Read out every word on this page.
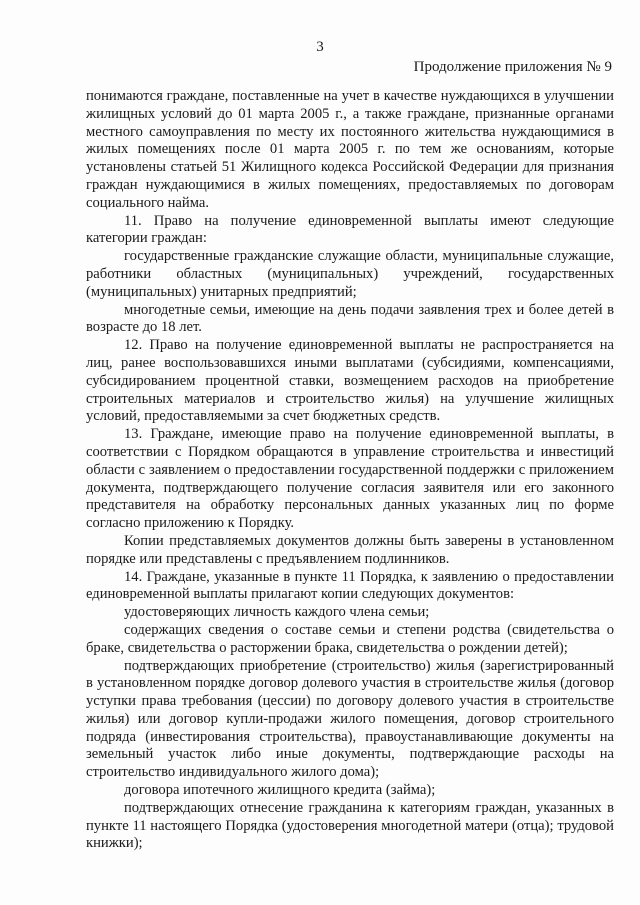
3
Продолжение приложения № 9

понимаются граждане, поставленные на учет в качестве нуждающихся в улучшении жилищных условий до 01 марта 2005 г., а также граждане, признанные органами местного самоуправления по месту их постоянного жительства нуждающимися в жилых помещениях после 01 марта 2005 г. по тем же основаниям, которые установлены статьей 51 Жилищного кодекса Российской Федерации для признания граждан нуждающимися в жилых помещениях, предоставляемых по договорам социального найма.

11. Право на получение единовременной выплаты имеют следующие категории граждан:

государственные гражданские служащие области, муниципальные служащие, работники областных (муниципальных) учреждений, государственных (муниципальных) унитарных предприятий;

многодетные семьи, имеющие на день подачи заявления трех и более детей в возрасте до 18 лет.

12. Право на получение единовременной выплаты не распространяется на лиц, ранее воспользовавшихся иными выплатами (субсидиями, компенсациями, субсидированием процентной ставки, возмещением расходов на приобретение строительных материалов и строительство жилья) на улучшение жилищных условий, предоставляемыми за счет бюджетных средств.

13. Граждане, имеющие право на получение единовременной выплаты, в соответствии с Порядком обращаются в управление строительства и инвестиций области с заявлением о предоставлении государственной поддержки с приложением документа, подтверждающего получение согласия заявителя или его законного представителя на обработку персональных данных указанных лиц по форме согласно приложению к Порядку.

Копии представляемых документов должны быть заверены в установленном порядке или представлены с предъявлением подлинников.

14. Граждане, указанные в пункте 11 Порядка, к заявлению о предоставлении единовременной выплаты прилагают копии следующих документов:

удостоверяющих личность каждого члена семьи;

содержащих сведения о составе семьи и степени родства (свидетельства о браке, свидетельства о расторжении брака, свидетельства о рождении детей);

подтверждающих приобретение (строительство) жилья (зарегистрированный в установленном порядке договор долевого участия в строительстве жилья (договор уступки права требования (цессии) по договору долевого участия в строительстве жилья) или договор купли-продажи жилого помещения, договор строительного подряда (инвестирования строительства), правоустанавливающие документы на земельный участок либо иные документы, подтверждающие расходы на строительство индивидуального жилого дома);

договора ипотечного жилищного кредита (займа);

подтверждающих отнесение гражданина к категориям граждан, указанных в пункте 11 настоящего Порядка (удостоверения многодетной матери (отца); трудовой книжки);
